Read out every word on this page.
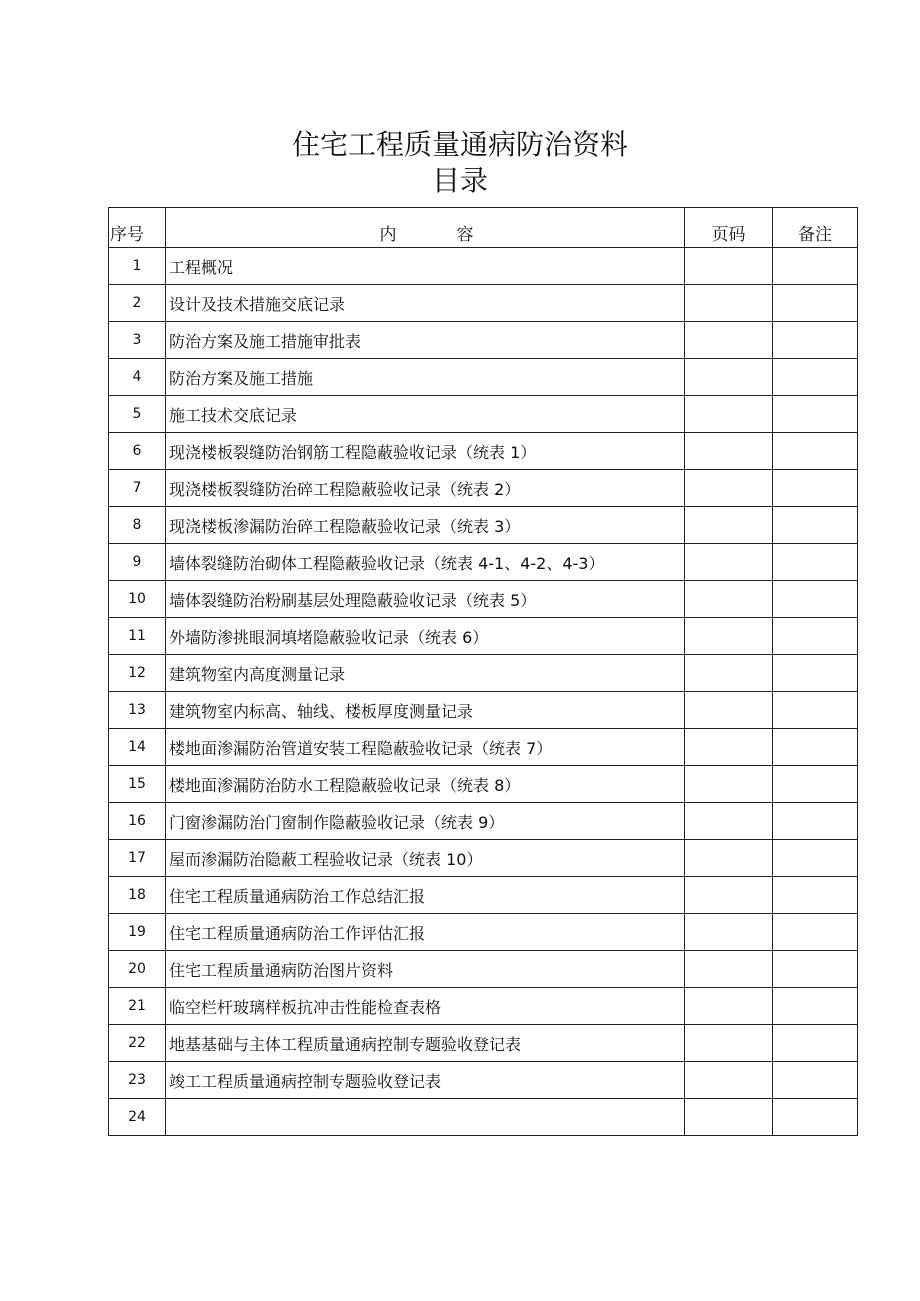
住宅工程质量通病防治资料
目录
序号	内 容	页码	备注
1	工程概况		
2	设计及技术措施交底记录		
3	防治方案及施工措施审批表		
4	防治方案及施工措施		
5	施工技术交底记录		
6	现浇楼板裂缝防治钢筋工程隐蔽验收记录（统表 1）		
7	现浇楼板裂缝防治碎工程隐蔽验收记录（统表 2）		
8	现浇楼板渗漏防治碎工程隐蔽验收记录（统表 3）		
9	墙体裂缝防治砌体工程隐蔽验收记录（统表 4-1、4-2、4-3）		
10	墙体裂缝防治粉刷基层处理隐蔽验收记录（统表 5）		
11	外墙防渗挑眼洞填堵隐蔽验收记录（统表 6）		
12	建筑物室内高度测量记录		
13	建筑物室内标高、轴线、楼板厚度测量记录		
14	楼地面渗漏防治管道安装工程隐蔽验收记录（统表 7）		
15	楼地面渗漏防治防水工程隐蔽验收记录（统表 8）		
16	门窗渗漏防治门窗制作隐蔽验收记录（统表 9）		
17	屋而渗漏防治隐蔽工程验收记录（统表 10）		
18	住宅工程质量通病防治工作总结汇报		
19	住宅工程质量通病防治工作评估汇报		
20	住宅工程质量通病防治图片资料		
21	临空栏杆玻璃样板抗冲击性能检查表格		
22	地基基础与主体工程质量通病控制专题验收登记表		
23	竣工工程质量通病控制专题验收登记表		
24			
